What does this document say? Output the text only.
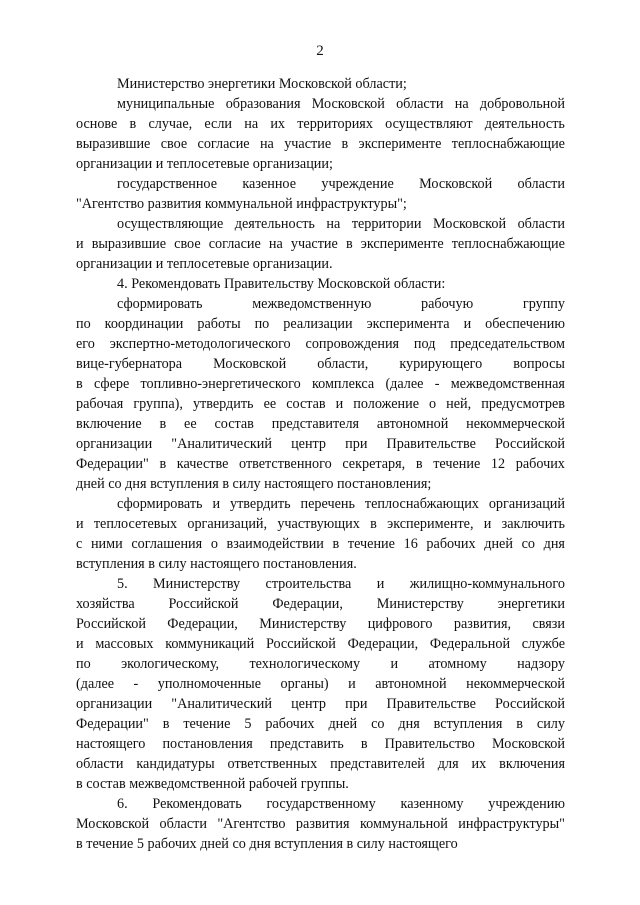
2
Министерство энергетики Московской области;
муниципальные образования Московской области на добровольной
основе в случае, если на их территориях осуществляют деятельность
выразившие свое согласие на участие в эксперименте теплоснабжающие
организации и теплосетевые организации;
государственное казенное учреждение Московской области
"Агентство развития коммунальной инфраструктуры";
осуществляющие деятельность на территории Московской области
и выразившие свое согласие на участие в эксперименте теплоснабжающие
организации и теплосетевые организации.
4. Рекомендовать Правительству Московской области:
сформировать	межведомственную	рабочую	группу
по координации работы по реализации эксперимента и обеспечению
его экспертно-методологического сопровождения под председательством
вице-губернатора Московской области, курирующего вопросы
в сфере топливно-энергетического комплекса (далее - межведомственная
рабочая группа), утвердить ее состав и положение о ней, предусмотрев
включение в ее состав представителя автономной некоммерческой
организации "Аналитический центр при Правительстве Российской
Федерации" в качестве ответственного секретаря, в течение 12 рабочих
дней со дня вступления в силу настоящего постановления;
сформировать и утвердить перечень теплоснабжающих организаций
и теплосетевых организаций, участвующих в эксперименте, и заключить
с ними соглашения о взаимодействии в течение 16 рабочих дней со дня
вступления в силу настоящего постановления.
5. Министерству строительства и жилищно-коммунального
хозяйства Российской Федерации, Министерству энергетики
Российской Федерации, Министерству цифрового развития, связи
и массовых коммуникаций Российской Федерации, Федеральной службе
по экологическому, технологическому и атомному надзору
(далее - уполномоченные органы) и автономной некоммерческой
организации "Аналитический центр при Правительстве Российской
Федерации" в течение 5 рабочих дней со дня вступления в силу
настоящего постановления представить в Правительство Московской
области кандидатуры ответственных представителей для их включения
в состав межведомственной рабочей группы.
6. Рекомендовать государственному казенному учреждению
Московской области "Агентство развития коммунальной инфраструктуры"
в течение 5 рабочих дней со дня вступления в силу настоящего
